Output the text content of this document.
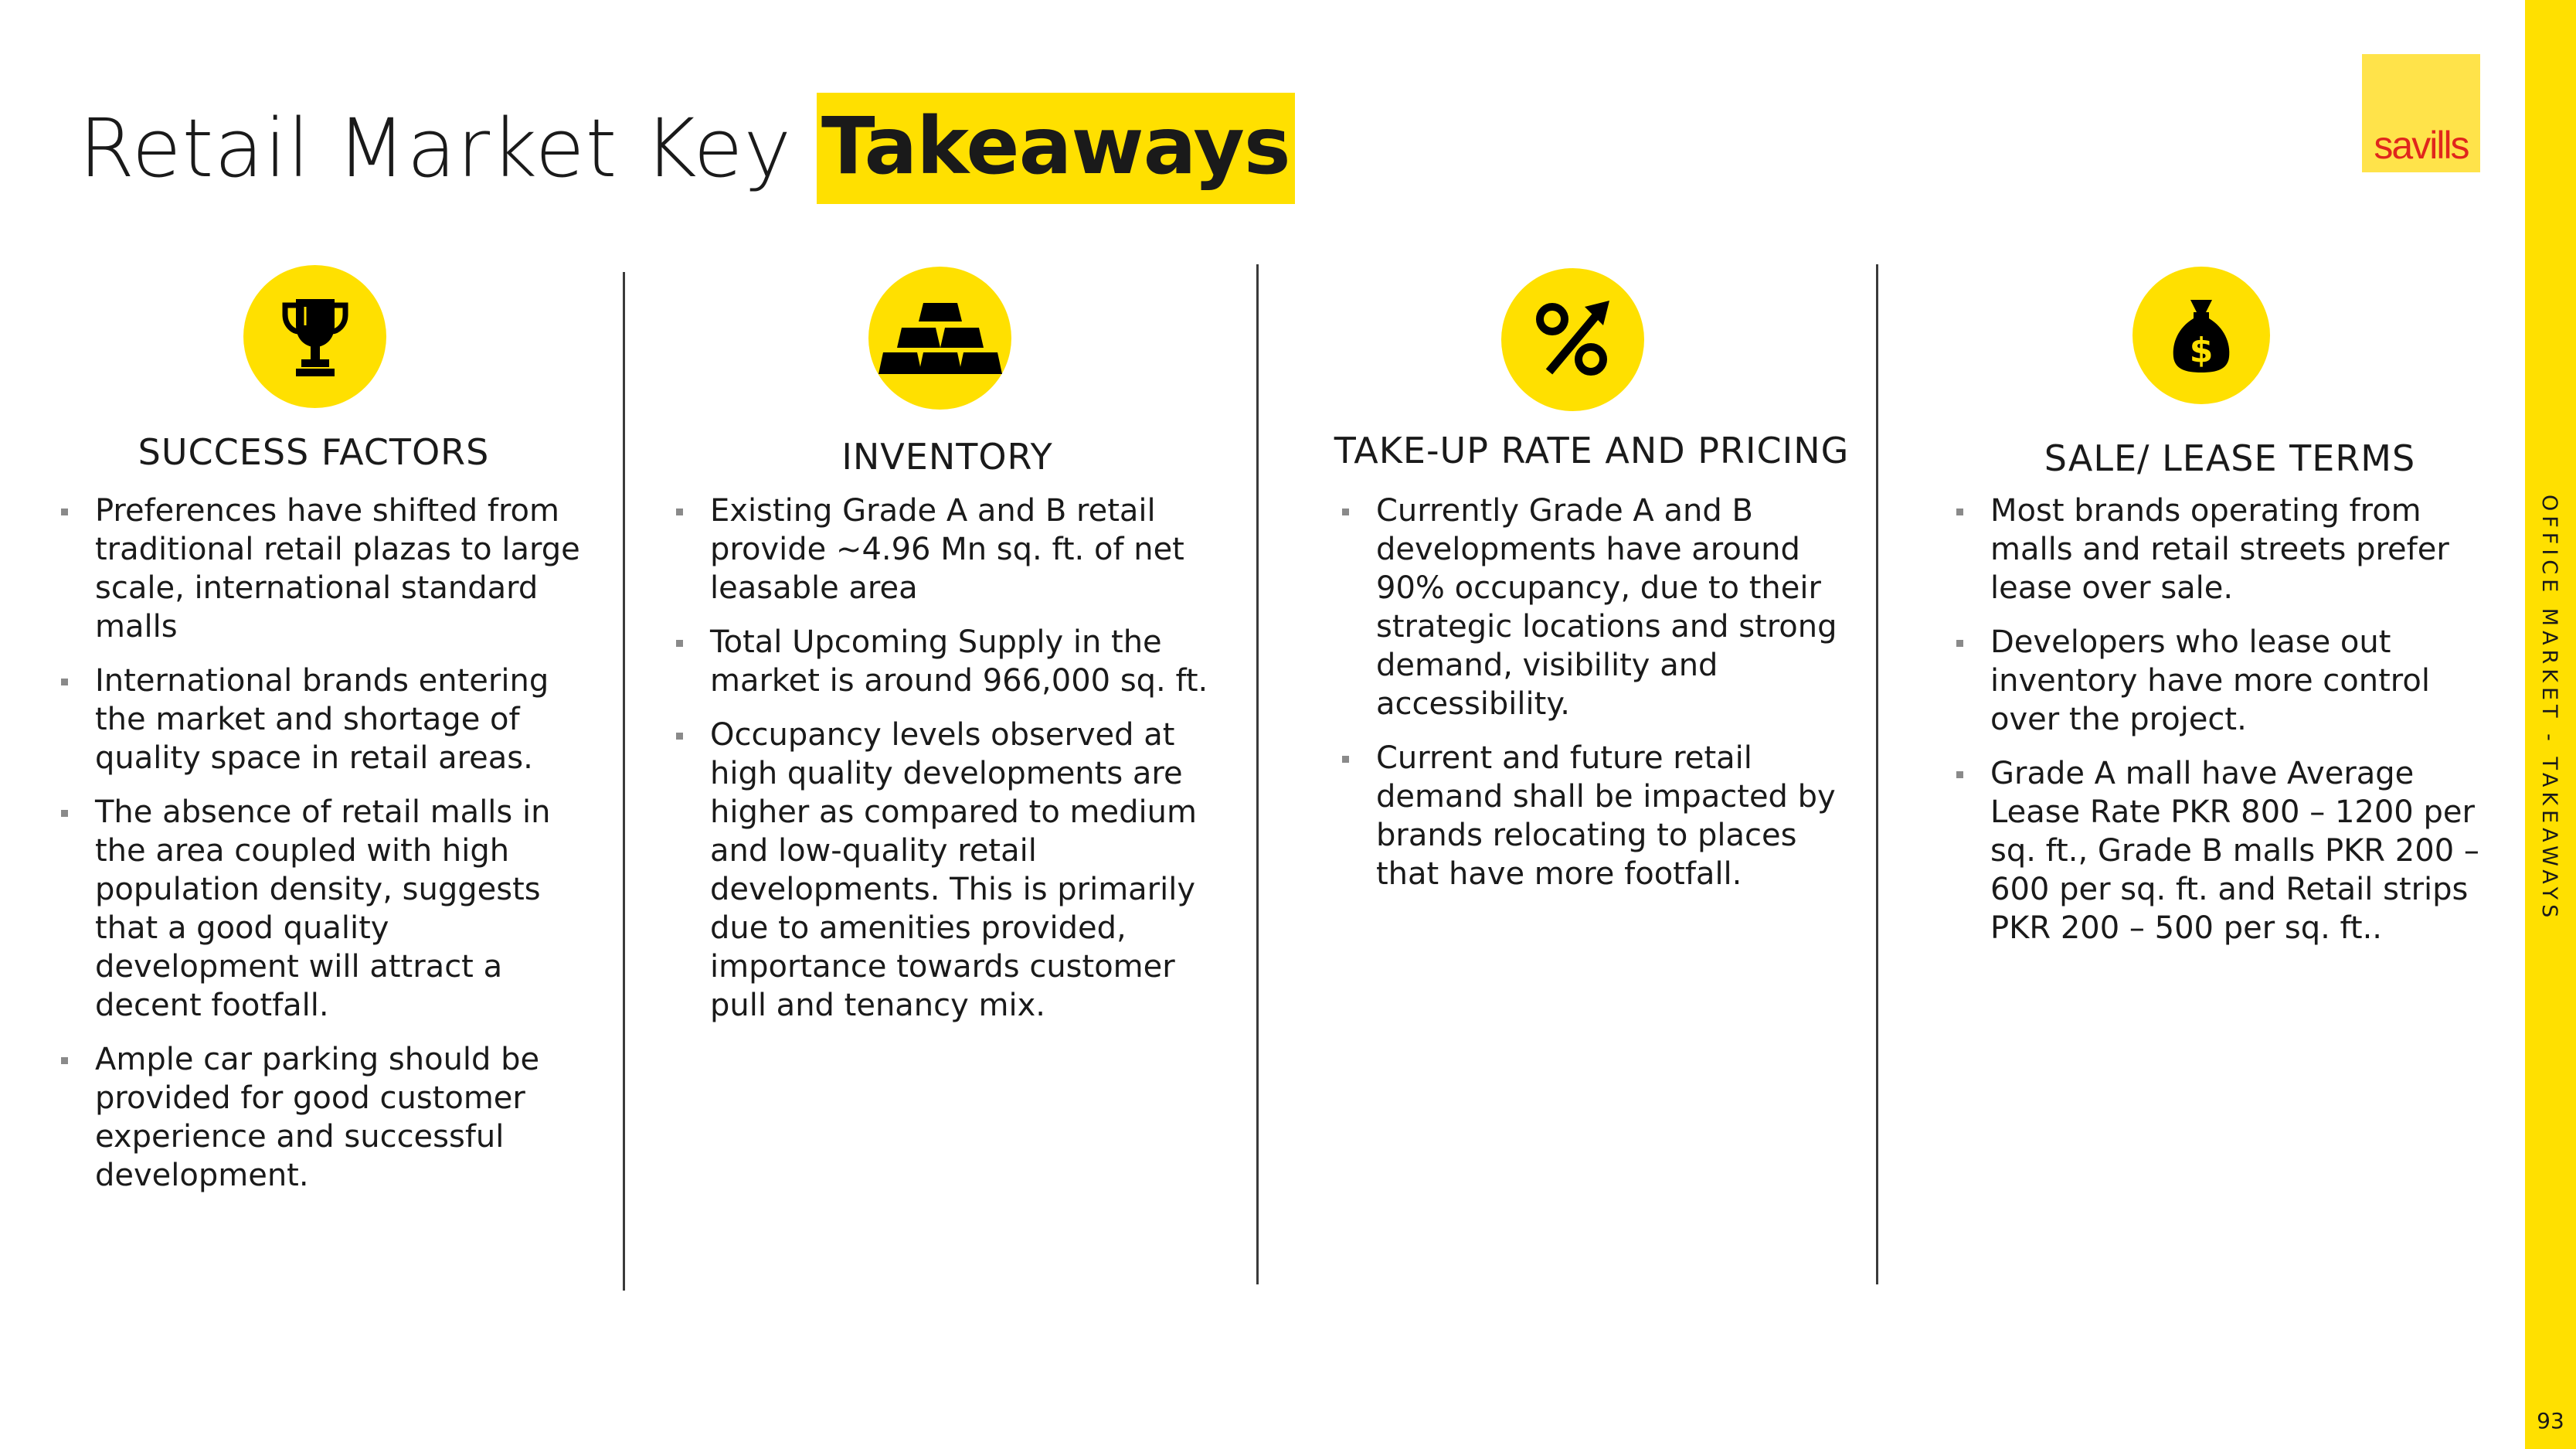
Retail Market Key Takeaways	savills
OFFICE MARKET - TAKEAWAYS
93
SUCCESS FACTORS
Preferences have shifted from traditional retail plazas to large scale, international standard malls
International brands entering the market and shortage of quality space in retail areas.
The absence of retail malls in the area coupled with high population density, suggests that a good quality development will attract a decent footfall.
Ample car parking should be provided for good customer experience and successful development.
INVENTORY
Existing Grade A and B retail provide ~4.96 Mn sq. ft. of net leasable area
Total Upcoming Supply in the market is around 966,000 sq. ft.
Occupancy levels observed at high quality developments are higher as compared to medium and low-quality retail developments. This is primarily due to amenities provided, importance towards customer pull and tenancy mix.
TAKE-UP RATE AND PRICING
Currently Grade A and B developments have around 90% occupancy, due to their strategic locations and strong demand, visibility and accessibility.
Current and future retail demand shall be impacted by brands relocating to places that have more footfall.
$
SALE/ LEASE TERMS
Most brands operating from malls and retail streets prefer lease over sale.
Developers who lease out inventory have more control over the project.
Grade A mall have Average Lease Rate PKR 800 – 1200 per sq. ft., Grade B malls PKR 200 – 600 per sq. ft. and Retail strips PKR 200 – 500 per sq. ft..
